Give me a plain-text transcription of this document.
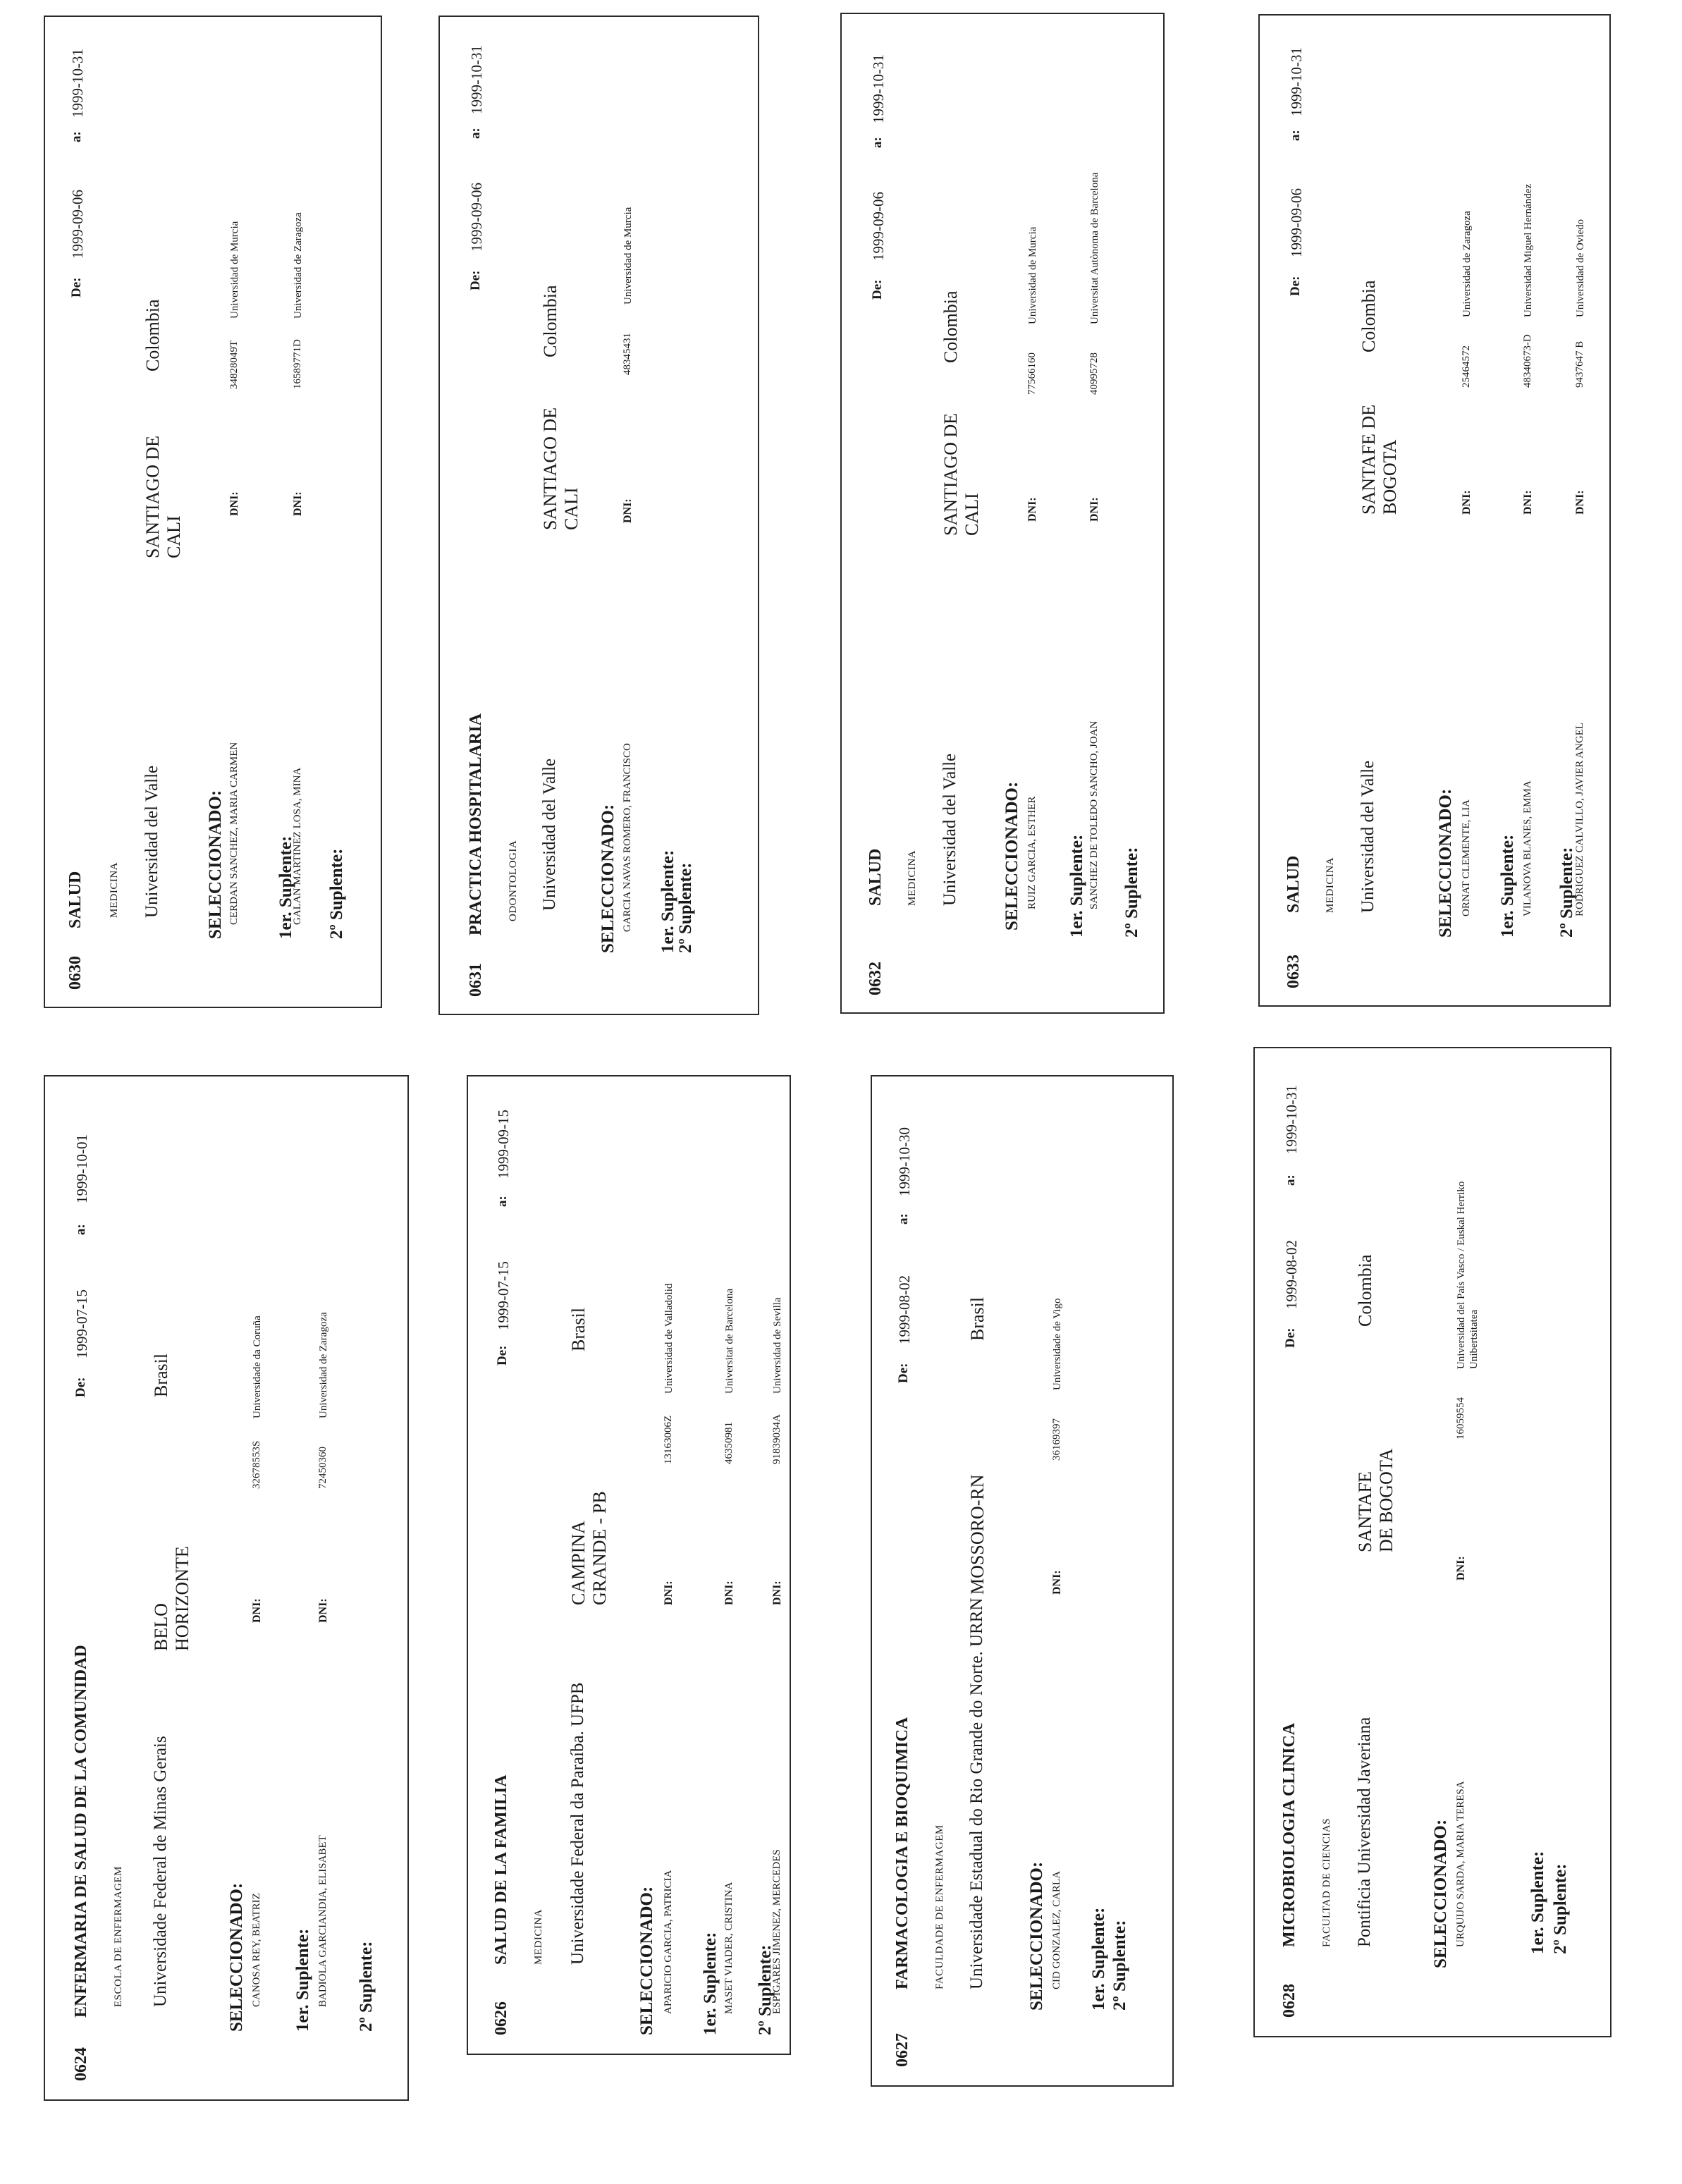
0624
ENFERMARIA DE SALUD DE LA COMUNIDAD ESCOLA DE ENFERMAGEM Universidade Federal de Minas Gerais
BELO HORIZONTE
Brasil
De:
1999-07-15
a:
1999-10-01
SELECCIONADO: CANOSA REY, BEATRIZ
DNI:
32678553S
Universidade da Coruña
1er. Suplente: BADIOLA GARCIANDIA, ELISABET
DNI:
72450360
Universidad de Zaragoza
2º Suplente:	0626
SALUD DE LA FAMILIA MEDICINA Universidade Federal da Paraíba. UFPB
CAMPINA GRANDE - PB
Brasil
De:
1999-07-15
a:
1999-09-15
SELECCIONADO: APARICIO GARCIA, PATRICIA
DNI:
13163006Z
Universidad de Valladolid
1er. Suplente: MASET VIADER, CRISTINA
DNI:
46350981
Universitat de Barcelona
2º Suplente:
ESPIGARES JIMENEZ, MERCEDES
DNI:
91839034A
Universidad de Sevilla
0627
FARMACOLOGIA E BIOQUIMICA FACULDADE DE ENFERMAGEM Universidade Estadual do Rio Grande do Norte. URRN
MOSSORO-RN
Brasil
De:
1999-08-02
a:
1999-10-30
SELECCIONADO: CID GONZALEZ, CARLA
DNI:
36169397
Universidade de Vigo
1er. Suplente: 2º Suplente:	0628
MICROBIOLOGIA CLINICA FACULTAD DE CIENCIAS Pontificia Universidad Javeriana
SANTAFE DE BOGOTA
Colombia
De:
1999-08-02
a:
1999-10-31
SELECCIONADO: URQUIJO SARDA, MARIA TERESA
DNI:
16059554
Universidad del País Vasco / Euskal Herriko Unibertsitatea
1er. Suplente: 2º Suplente:
0630
SALUD MEDICINA Universidad del Valle
SANTIAGO DE CALI
Colombia
De:
1999-09-06
a:
1999-10-31
SELECCIONADO: CERDAN SANCHEZ, MARIA CARMEN
DNI:
34828049T
Universidad de Murcia
1er. Suplente:
GALAN MARTINEZ LOSA, MINA
DNI:
16589771D
Universidad de Zaragoza
2º Suplente:
0631
PRACTICA HOSPITALARIA ODONTOLOGIA Universidad del Valle
SANTIAGO DE CALI
Colombia
De:
1999-09-06
a:
1999-10-31
SELECCIONADO: GARCIA NAVAS ROMERO, FRANCISCO
DNI:
48345431
Universidad de Murcia
1er. Suplente:
2º Suplente:
0632
SALUD MEDICINA Universidad del Valle
SANTIAGO DE CALI
Colombia
De:
1999-09-06
a:
1999-10-31
SELECCIONADO: RUIZ GARCIA, ESTHER
DNI:
77566160
Universidad de Murcia
1er. Suplente: SANCHEZ DE TOLEDO SANCHO, JOAN
DNI:
40995728
Universitat Autònoma de Barcelona
2º Suplente:
0633
SALUD MEDICINA Universidad del Valle
SANTAFE DE BOGOTA
Colombia
De:
1999-09-06
a:
1999-10-31
SELECCIONADO: ORNAT CLEMENTE, LIA
DNI:
25464572
Universidad de Zaragoza
1er. Suplente: VILANOVA BLANES, EMMA
DNI:
48340673-D
Universidad Miguel Hernández
2º Suplente:
RODRIGUEZ CALVILLO, JAVIER ANGEL
DNI:
9437647 B
Universidad de Oviedo
